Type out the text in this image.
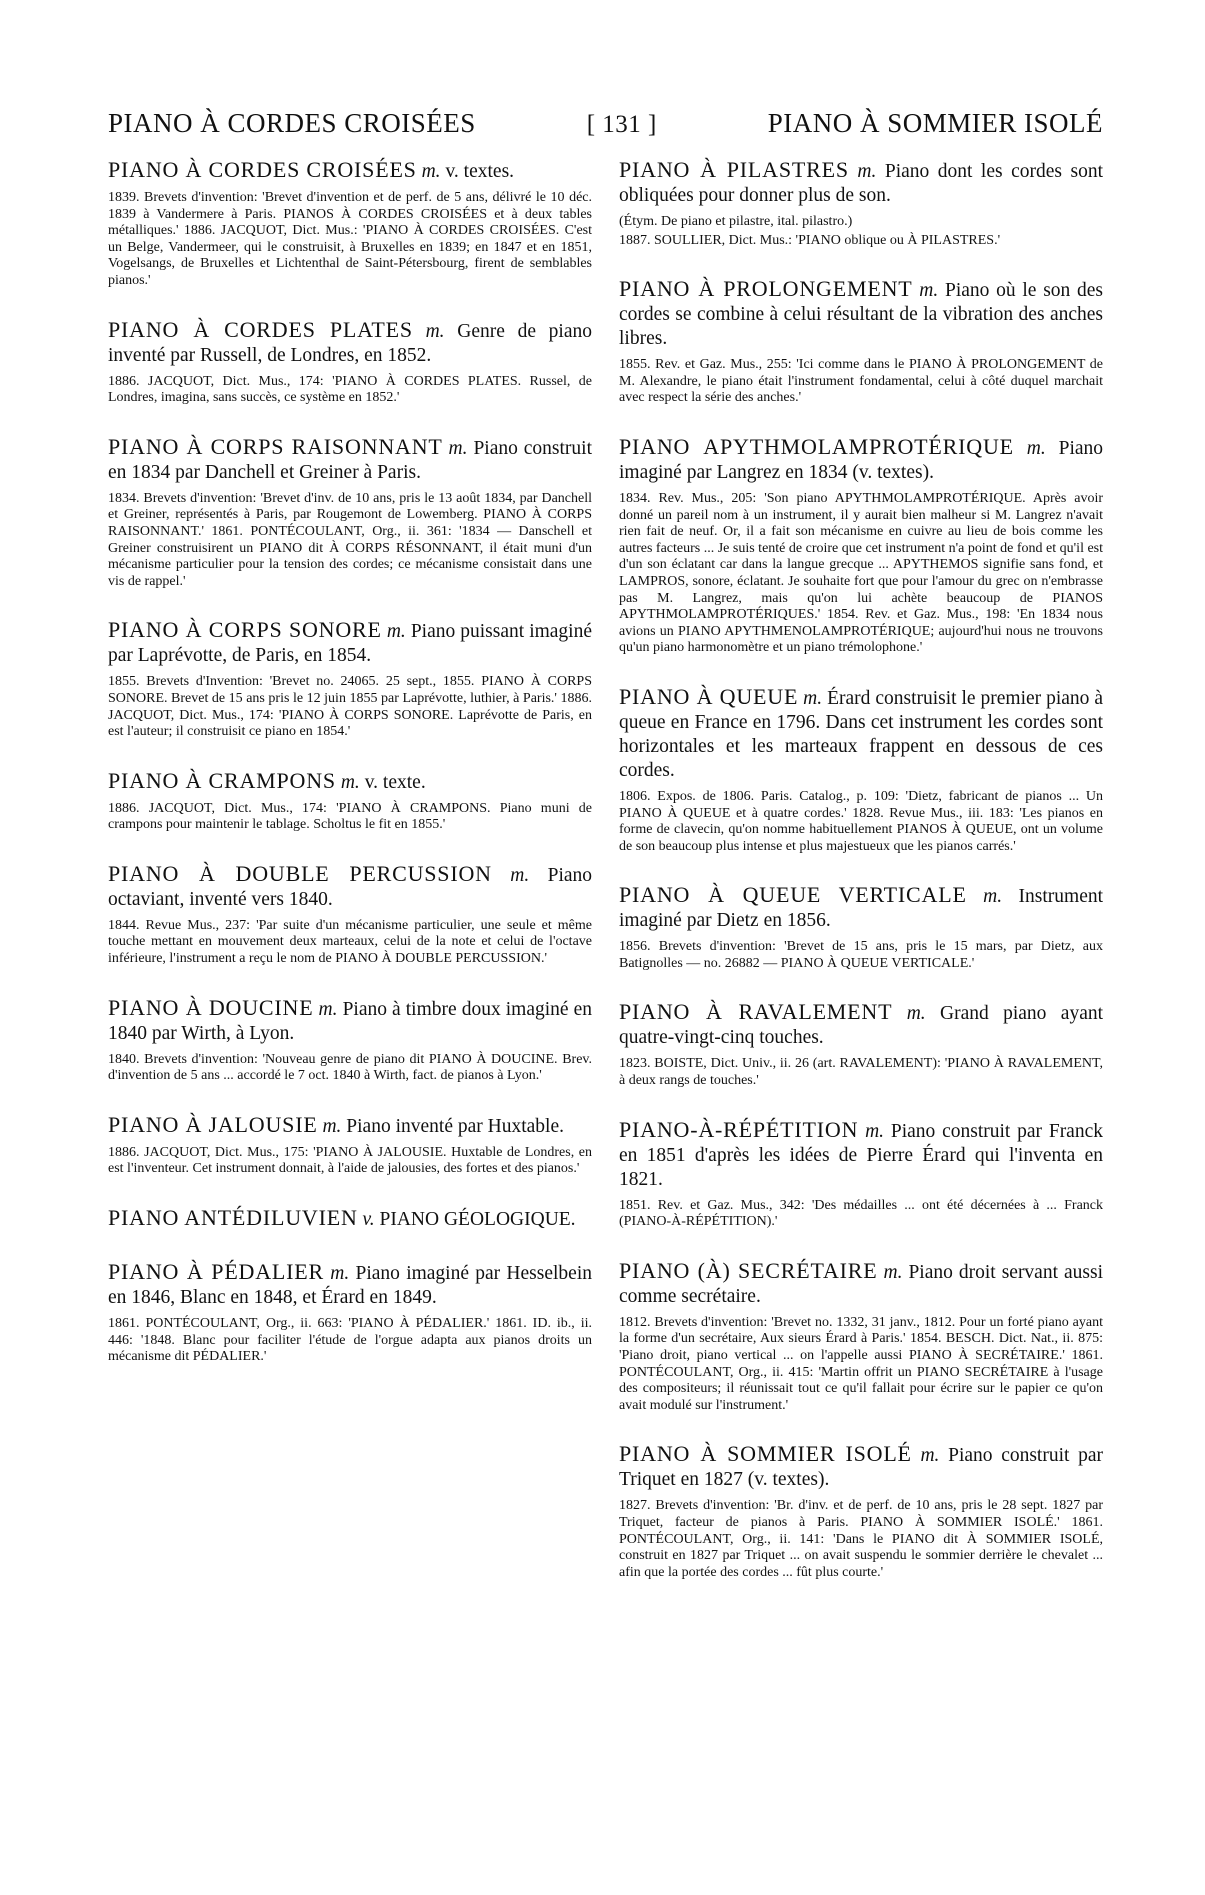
PIANO À CORDES CROISÉES	[ 131 ]	PIANO À SOMMIER ISOLÉ

PIANO À CORDES CROISÉES m. v. textes.

1839. Brevets d'invention: 'Brevet d'invention et de perf. de 5 ans, délivré le 10 déc. 1839 à Vandermere à Paris. PIANOS À CORDES CROISÉES et à deux tables métalliques.' 1886. JACQUOT, Dict. Mus.: 'PIANO À CORDES CROISÉES. C'est un Belge, Vandermeer, qui le construisit, à Bruxelles en 1839; en 1847 et en 1851, Vogelsangs, de Bruxelles et Lichtenthal de Saint-Pétersbourg, firent de semblables pianos.'

PIANO À CORDES PLATES m. Genre de piano inventé par Russell, de Londres, en 1852.

1886. JACQUOT, Dict. Mus., 174: 'PIANO À CORDES PLATES. Russel, de Londres, imagina, sans succès, ce système en 1852.'

PIANO À CORPS RAISONNANT m. Piano construit en 1834 par Danchell et Greiner à Paris.

1834. Brevets d'invention: 'Brevet d'inv. de 10 ans, pris le 13 août 1834, par Danchell et Greiner, représentés à Paris, par Rougemont de Lowemberg. PIANO À CORPS RAISONNANT.' 1861. PONTÉCOULANT, Org., ii. 361: '1834 — Danschell et Greiner construisirent un PIANO dit À CORPS RÉSONNANT, il était muni d'un mécanisme particulier pour la tension des cordes; ce mécanisme consistait dans une vis de rappel.'

PIANO À CORPS SONORE m. Piano puissant imaginé par Laprévotte, de Paris, en 1854.

1855. Brevets d'Invention: 'Brevet no. 24065. 25 sept., 1855. PIANO À CORPS SONORE. Brevet de 15 ans pris le 12 juin 1855 par Laprévotte, luthier, à Paris.' 1886. JACQUOT, Dict. Mus., 174: 'PIANO À CORPS SONORE. Laprévotte de Paris, en est l'auteur; il construisit ce piano en 1854.'

PIANO À CRAMPONS m. v. texte.

1886. JACQUOT, Dict. Mus., 174: 'PIANO À CRAMPONS. Piano muni de crampons pour maintenir le tablage. Scholtus le fit en 1855.'

PIANO À DOUBLE PERCUSSION m. Piano octaviant, inventé vers 1840.

1844. Revue Mus., 237: 'Par suite d'un mécanisme particulier, une seule et même touche mettant en mouvement deux marteaux, celui de la note et celui de l'octave inférieure, l'instrument a reçu le nom de PIANO À DOUBLE PERCUSSION.'

PIANO À DOUCINE m. Piano à timbre doux imaginé en 1840 par Wirth, à Lyon.

1840. Brevets d'invention: 'Nouveau genre de piano dit PIANO À DOUCINE. Brev. d'invention de 5 ans ... accordé le 7 oct. 1840 à Wirth, fact. de pianos à Lyon.'

PIANO À JALOUSIE m. Piano inventé par Huxtable.

1886. JACQUOT, Dict. Mus., 175: 'PIANO À JALOUSIE. Huxtable de Londres, en est l'inventeur. Cet instrument donnait, à l'aide de jalousies, des fortes et des pianos.'

PIANO ANTÉDILUVIEN v. PIANO GÉOLOGIQUE.

PIANO À PÉDALIER m. Piano imaginé par Hesselbein en 1846, Blanc en 1848, et Érard en 1849.

1861. PONTÉCOULANT, Org., ii. 663: 'PIANO À PÉDALIER.' 1861. ID. ib., ii. 446: '1848. Blanc pour faciliter l'étude de l'orgue adapta aux pianos droits un mécanisme dit PÉDALIER.'

PIANO À PILASTRES m. Piano dont les cordes sont obliquées pour donner plus de son.

(Étym. De piano et pilastre, ital. pilastro.)

1887. SOULLIER, Dict. Mus.: 'PIANO oblique ou À PILASTRES.'

PIANO À PROLONGEMENT m. Piano où le son des cordes se combine à celui résultant de la vibration des anches libres.

1855. Rev. et Gaz. Mus., 255: 'Ici comme dans le PIANO À PROLONGEMENT de M. Alexandre, le piano était l'instrument fondamental, celui à côté duquel marchait avec respect la série des anches.'

PIANO APYTHMOLAMPROTÉRIQUE m. Piano imaginé par Langrez en 1834 (v. textes).

1834. Rev. Mus., 205: 'Son piano APYTHMOLAMPROTÉRIQUE. Après avoir donné un pareil nom à un instrument, il y aurait bien malheur si M. Langrez n'avait rien fait de neuf. Or, il a fait son mécanisme en cuivre au lieu de bois comme les autres facteurs ... Je suis tenté de croire que cet instrument n'a point de fond et qu'il est d'un son éclatant car dans la langue grecque ... APYTHEMOS signifie sans fond, et LAMPROS, sonore, éclatant. Je souhaite fort que pour l'amour du grec on n'embrasse pas M. Langrez, mais qu'on lui achète beaucoup de PIANOS APYTHMOLAMPROTÉRIQUES.' 1854. Rev. et Gaz. Mus., 198: 'En 1834 nous avions un PIANO APYTHMENOLAMPROTÉRIQUE; aujourd'hui nous ne trouvons qu'un piano harmonomètre et un piano trémolophone.'

PIANO À QUEUE m. Érard construisit le premier piano à queue en France en 1796. Dans cet instrument les cordes sont horizontales et les marteaux frappent en dessous de ces cordes.

1806. Expos. de 1806. Paris. Catalog., p. 109: 'Dietz, fabricant de pianos ... Un PIANO À QUEUE et à quatre cordes.' 1828. Revue Mus., iii. 183: 'Les pianos en forme de clavecin, qu'on nomme habituellement PIANOS À QUEUE, ont un volume de son beaucoup plus intense et plus majestueux que les pianos carrés.'

PIANO À QUEUE VERTICALE m. Instrument imaginé par Dietz en 1856.

1856. Brevets d'invention: 'Brevet de 15 ans, pris le 15 mars, par Dietz, aux Batignolles — no. 26882 — PIANO À QUEUE VERTICALE.'

PIANO À RAVALEMENT m. Grand piano ayant quatre-vingt-cinq touches.

1823. BOISTE, Dict. Univ., ii. 26 (art. RAVALEMENT): 'PIANO À RAVALEMENT, à deux rangs de touches.'

PIANO-À-RÉPÉTITION m. Piano construit par Franck en 1851 d'après les idées de Pierre Érard qui l'inventa en 1821.

1851. Rev. et Gaz. Mus., 342: 'Des médailles ... ont été décernées à ... Franck (PIANO-À-RÉPÉTITION).'

PIANO (À) SECRÉTAIRE m. Piano droit servant aussi comme secrétaire.

1812. Brevets d'invention: 'Brevet no. 1332, 31 janv., 1812. Pour un forté piano ayant la forme d'un secrétaire, Aux sieurs Érard à Paris.' 1854. BESCH. Dict. Nat., ii. 875: 'Piano droit, piano vertical ... on l'appelle aussi PIANO À SECRÉTAIRE.' 1861. PONTÉCOULANT, Org., ii. 415: 'Martin offrit un PIANO SECRÉTAIRE à l'usage des compositeurs; il réunissait tout ce qu'il fallait pour écrire sur le papier ce qu'on avait modulé sur l'instrument.'

PIANO À SOMMIER ISOLÉ m. Piano construit par Triquet en 1827 (v. textes).

1827. Brevets d'invention: 'Br. d'inv. et de perf. de 10 ans, pris le 28 sept. 1827 par Triquet, facteur de pianos à Paris. PIANO À SOMMIER ISOLÉ.' 1861. PONTÉCOULANT, Org., ii. 141: 'Dans le PIANO dit À SOMMIER ISOLÉ, construit en 1827 par Triquet ... on avait suspendu le sommier derrière le chevalet ... afin que la portée des cordes ... fût plus courte.'
